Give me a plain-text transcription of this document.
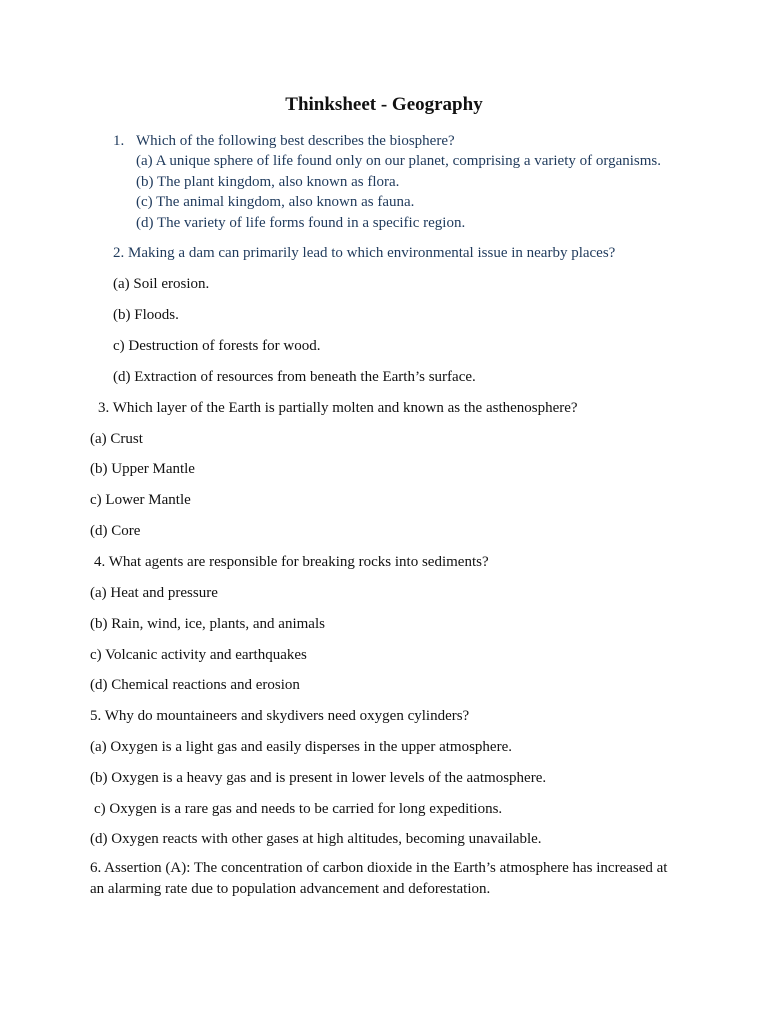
Thinksheet - Geography
1. Which of the following best describes the biosphere?
(a) A unique sphere of life found only on our planet, comprising a variety of organisms.
(b) The plant kingdom, also known as flora.
(c) The animal kingdom, also known as fauna.
(d) The variety of life forms found in a specific region.
2. Making a dam can primarily lead to which environmental issue in nearby places?
(a) Soil erosion.
(b) Floods.
c) Destruction of forests for wood.
(d) Extraction of resources from beneath the Earth’s surface.
3. Which layer of the Earth is partially molten and known as the asthenosphere?
(a) Crust
(b) Upper Mantle
c) Lower Mantle
(d) Core
4. What agents are responsible for breaking rocks into sediments?
(a) Heat and pressure
(b) Rain, wind, ice, plants, and animals
c) Volcanic activity and earthquakes
(d) Chemical reactions and erosion
5. Why do mountaineers and skydivers need oxygen cylinders?
(a) Oxygen is a light gas and easily disperses in the upper atmosphere.
(b) Oxygen is a heavy gas and is present in lower levels of the aatmosphere.
c) Oxygen is a rare gas and needs to be carried for long expeditions.
(d) Oxygen reacts with other gases at high altitudes, becoming unavailable.

6. Assertion (A): The concentration of carbon dioxide in the Earth’s atmosphere has increased at an alarming rate due to population advancement and deforestation.
